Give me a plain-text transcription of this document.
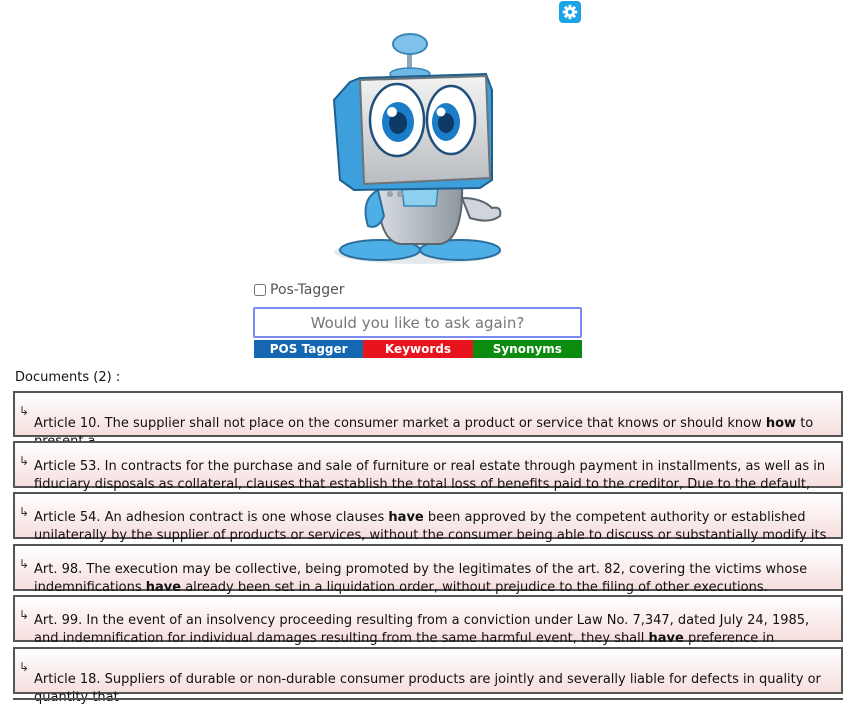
Pos-Tagger
Would you like to ask again?
POS Tagger	Keywords	Synonyms
Documents (2) :
↳
Article 10. The supplier shall not place on the consumer market a product or service that knows or should know how to
↳ Article 53. In contracts for the purchase and sale of furniture or real estate through payment in installments, as well as in fiduciary disposals as collateral, clauses that establish the total loss of benefits paid to the creditor, Due to the default,
↳ Article 54. An adhesion contract is one whose clauses have been approved by the competent authority or established unilaterally by the supplier of products or services, without the consumer being able to discuss or substantially modify its
↳ Art. 98. The execution may be collective, being promoted by the legitimates of the art. 82, covering the victims whose indemnifications have already been set in a liquidation order, without prejudice to the filing of other executions.
↳ Art. 99. In the event of an insolvency proceeding resulting from a conviction under Law No. 7,347, dated July 24, 1985, and indemnification for individual damages resulting from the same harmful event, they shall have preference in
↳
Article 18. Suppliers of durable or non-durable consumer products are jointly and severally liable for defects in quality or
